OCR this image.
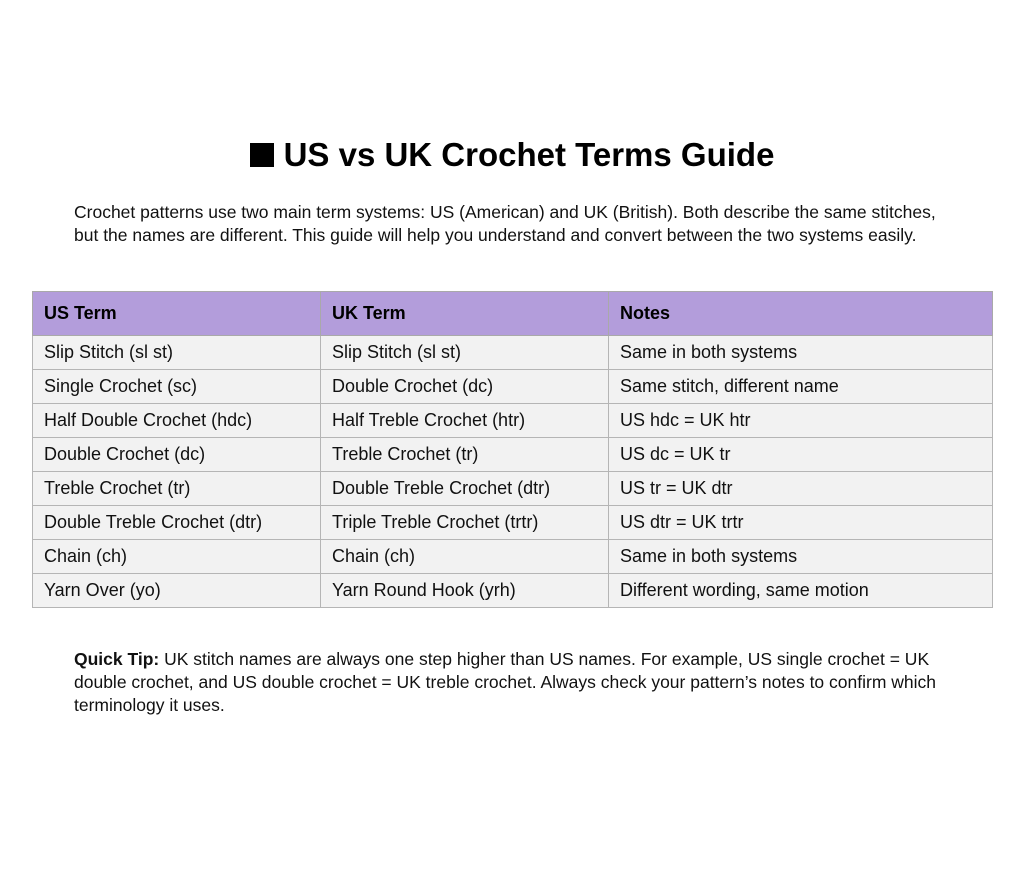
US vs UK Crochet Terms Guide

Crochet patterns use two main term systems: US (American) and UK (British). Both describe the same stitches, but the names are different. This guide will help you understand and convert between the two systems easily.

US Term	UK Term	Notes
Slip Stitch (sl st)	Slip Stitch (sl st)	Same in both systems
Single Crochet (sc)	Double Crochet (dc)	Same stitch, different name
Half Double Crochet (hdc)	Half Treble Crochet (htr)	US hdc = UK htr
Double Crochet (dc)	Treble Crochet (tr)	US dc = UK tr
Treble Crochet (tr)	Double Treble Crochet (dtr)	US tr = UK dtr
Double Treble Crochet (dtr)	Triple Treble Crochet (trtr)	US dtr = UK trtr
Chain (ch)	Chain (ch)	Same in both systems
Yarn Over (yo)	Yarn Round Hook (yrh)	Different wording, same motion

Quick Tip: UK stitch names are always one step higher than US names. For example, US single crochet = UK double crochet, and US double crochet = UK treble crochet. Always check your pattern’s notes to confirm which terminology it uses.
